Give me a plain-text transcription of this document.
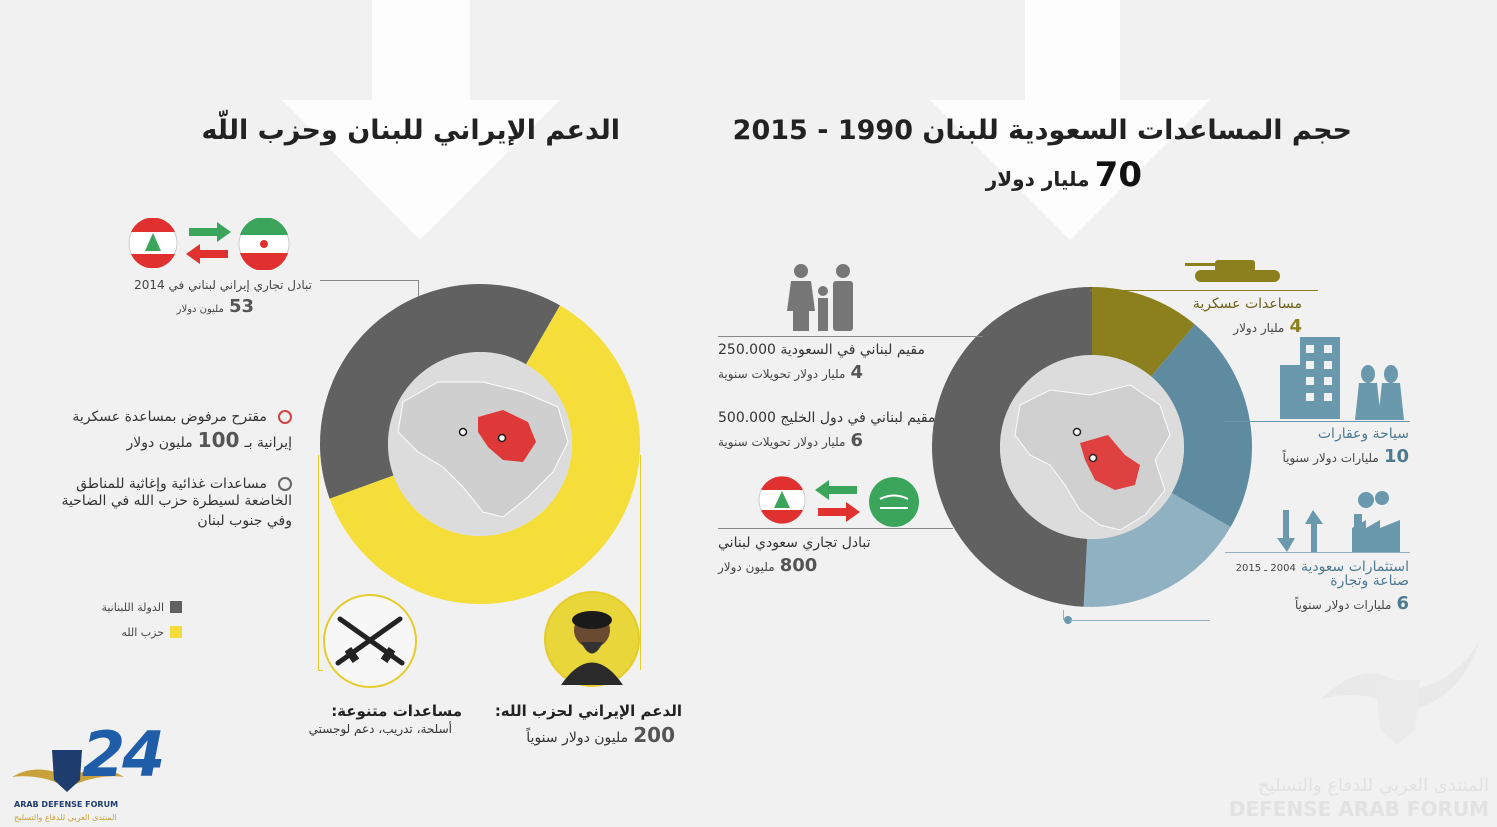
حجم المساعدات السعودية للبنان 1990 - 2015
70 مليار دولار
مساعدات عسكرية
4 مليار دولار
سياحة وعقارات
10 مليارات دولار سنوياً
استثمارات سعودية 2004 ـ 2015
صناعة وتجارة
6 مليارات دولار سنوياً
250.000 مقيم لبناني في السعودية
4 مليار دولار تحويلات سنوية
500.000 مقيم لبناني في دول الخليج
6 مليار دولار تحويلات سنوية
تبادل تجاري سعودي لبناني
800 مليون دولار
الدعم الإيراني للبنان وحزب اللّه
تبادل تجاري إيراني لبناني في 2014
53 مليون دولار
مقترح مرفوض بمساعدة عسكرية
إيرانية بـ 100 مليون دولار
مساعدات غذائية وإغاثية للمناطق
الخاضعة لسيطرة حزب الله في الضاحية
وفي جنوب لبنان
الدولة اللبنانية
حزب الله
الدعم الإيراني لحزب الله:
200 مليون دولار سنوياً
مساعدات متنوعة:
أسلحة، تدريب، دعم لوجستي
24
ARAB DEFENSE FORUM
المنتدى العربي للدفاع والتسليح
المنتدى العربي للدفاع والتسليح
DEFENSE ARAB FORUM
